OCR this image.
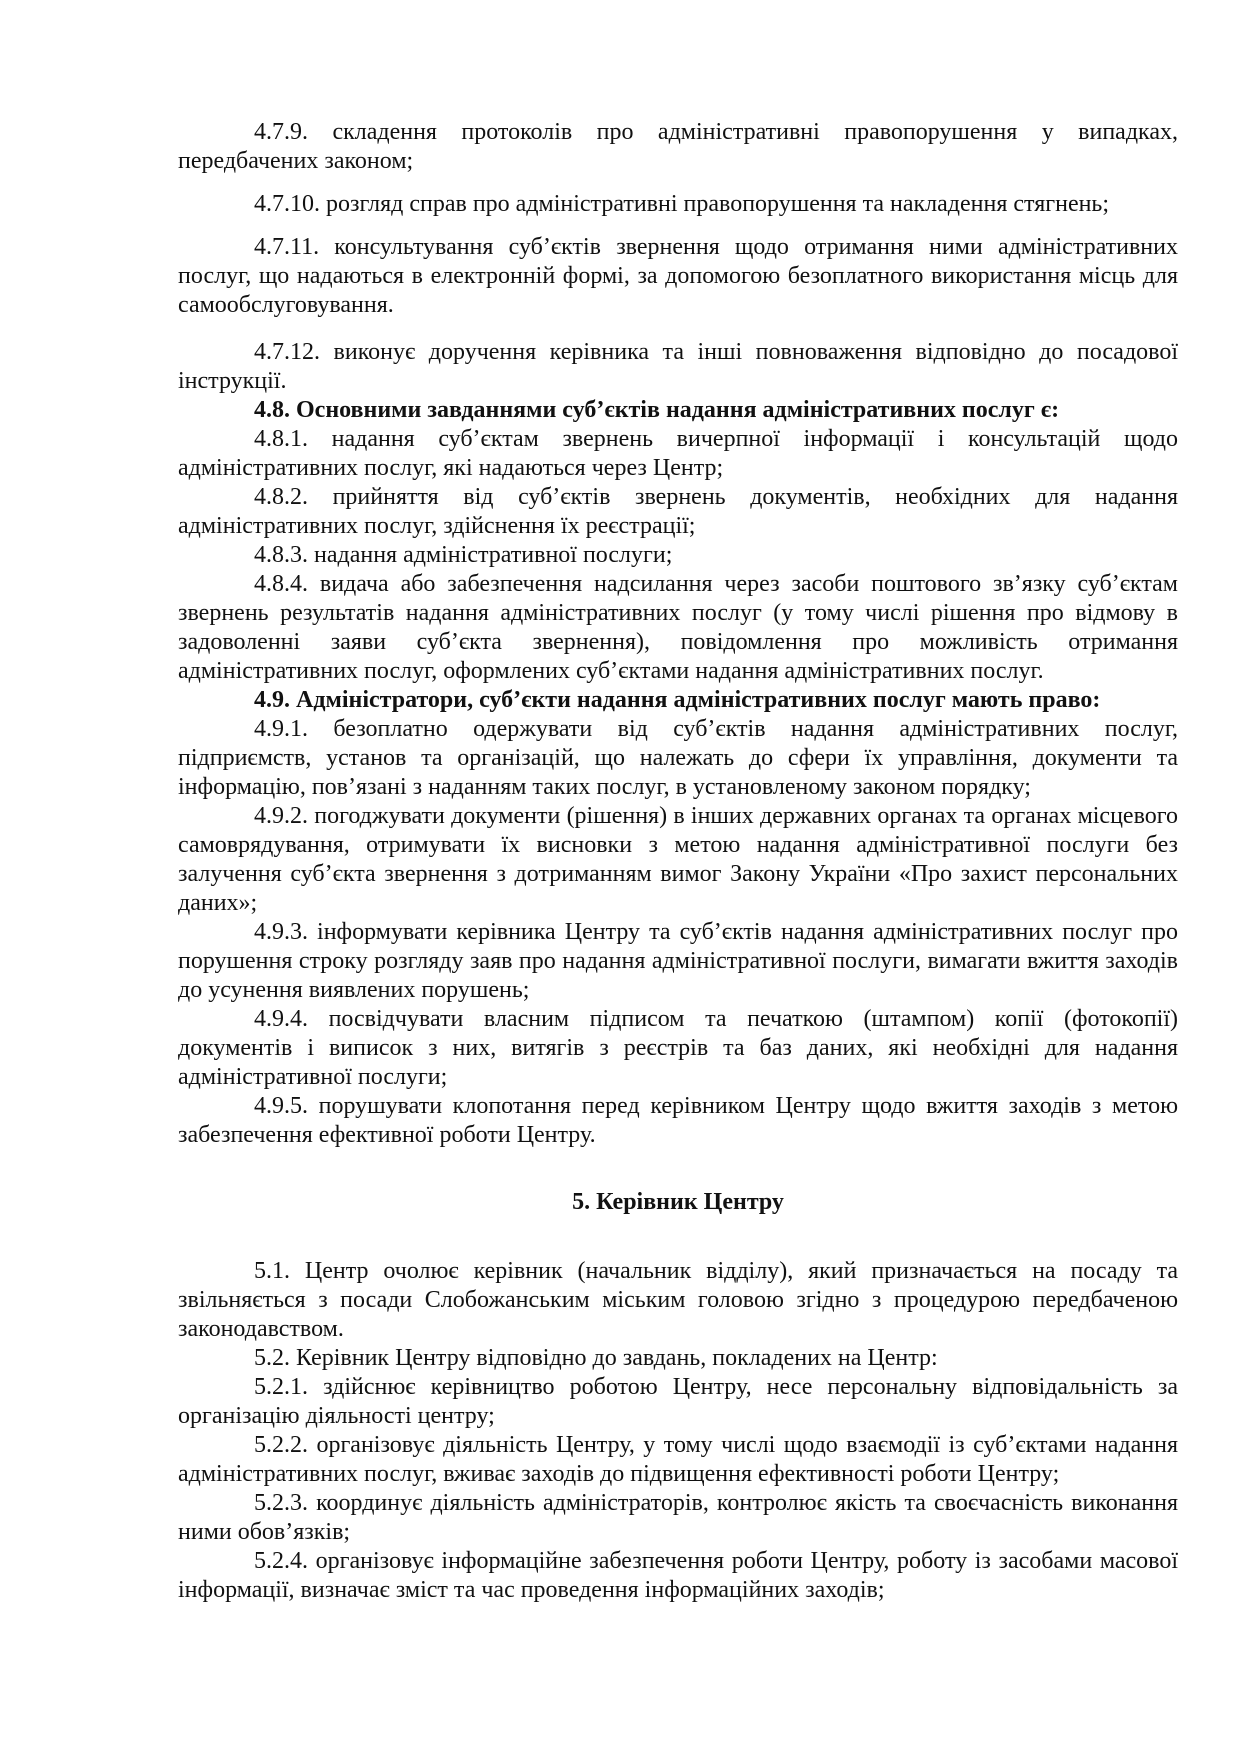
4.7.9. складення протоколів про адміністративні правопорушення у випадках, передбачених законом;

4.7.10. розгляд справ про адміністративні правопорушення та накладення стягнень;

4.7.11. консультування суб’єктів звернення щодо отримання ними адміністративних послуг, що надаються в електронній формі, за допомогою безоплатного використання місць для самообслуговування.

4.7.12. виконує доручення керівника та інші повноваження відповідно до посадової інструкції.

4.8. Основними завданнями суб’єктів надання адміністративних послуг є:

4.8.1. надання суб’єктам звернень вичерпної інформації і консультацій щодо адміністративних послуг, які надаються через Центр;

4.8.2. прийняття від суб’єктів звернень документів, необхідних для надання адміністративних послуг, здійснення їх реєстрації;

4.8.3. надання адміністративної послуги;

4.8.4. видача або забезпечення надсилання через засоби поштового зв’язку суб’єктам звернень результатів надання адміністративних послуг (у тому числі рішення про відмову в задоволенні заяви суб’єкта звернення), повідомлення про можливість отримання адміністративних послуг, оформлених суб’єктами надання адміністративних послуг.

4.9. Адміністратори, суб’єкти надання адміністративних послуг мають право:

4.9.1. безоплатно одержувати від суб’єктів надання адміністративних послуг, підприємств, установ та організацій, що належать до сфери їх управління, документи та інформацію, пов’язані з наданням таких послуг, в установленому законом порядку;

4.9.2. погоджувати документи (рішення) в інших державних органах та органах місцевого самоврядування, отримувати їх висновки з метою надання адміністративної послуги без залучення суб’єкта звернення з дотриманням вимог Закону України «Про захист персональних даних»;

4.9.3. інформувати керівника Центру та суб’єктів надання адміністративних послуг про порушення строку розгляду заяв про надання адміністративної послуги, вимагати вжиття заходів до усунення виявлених порушень;

4.9.4. посвідчувати власним підписом та печаткою (штампом) копії (фотокопії) документів і виписок з них, витягів з реєстрів та баз даних, які необхідні для надання адміністративної послуги;

4.9.5. порушувати клопотання перед керівником Центру щодо вжиття заходів з метою забезпечення ефективної роботи Центру.

5. Керівник Центру

5.1. Центр очолює керівник (начальник відділу), який призначається на посаду та звільняється з посади Слобожанським міським головою згідно з процедурою передбаченою законодавством.

5.2. Керівник Центру відповідно до завдань, покладених на Центр:

5.2.1. здійснює керівництво роботою Центру, несе персональну відповідальність за організацію діяльності центру;

5.2.2. організовує діяльність Центру, у тому числі щодо взаємодії із суб’єктами надання адміністративних послуг, вживає заходів до підвищення ефективності роботи Центру;

5.2.3. координує діяльність адміністраторів, контролює якість та своєчасність виконання ними обов’язків;

5.2.4. організовує інформаційне забезпечення роботи Центру, роботу із засобами масової інформації, визначає зміст та час проведення інформаційних заходів;
